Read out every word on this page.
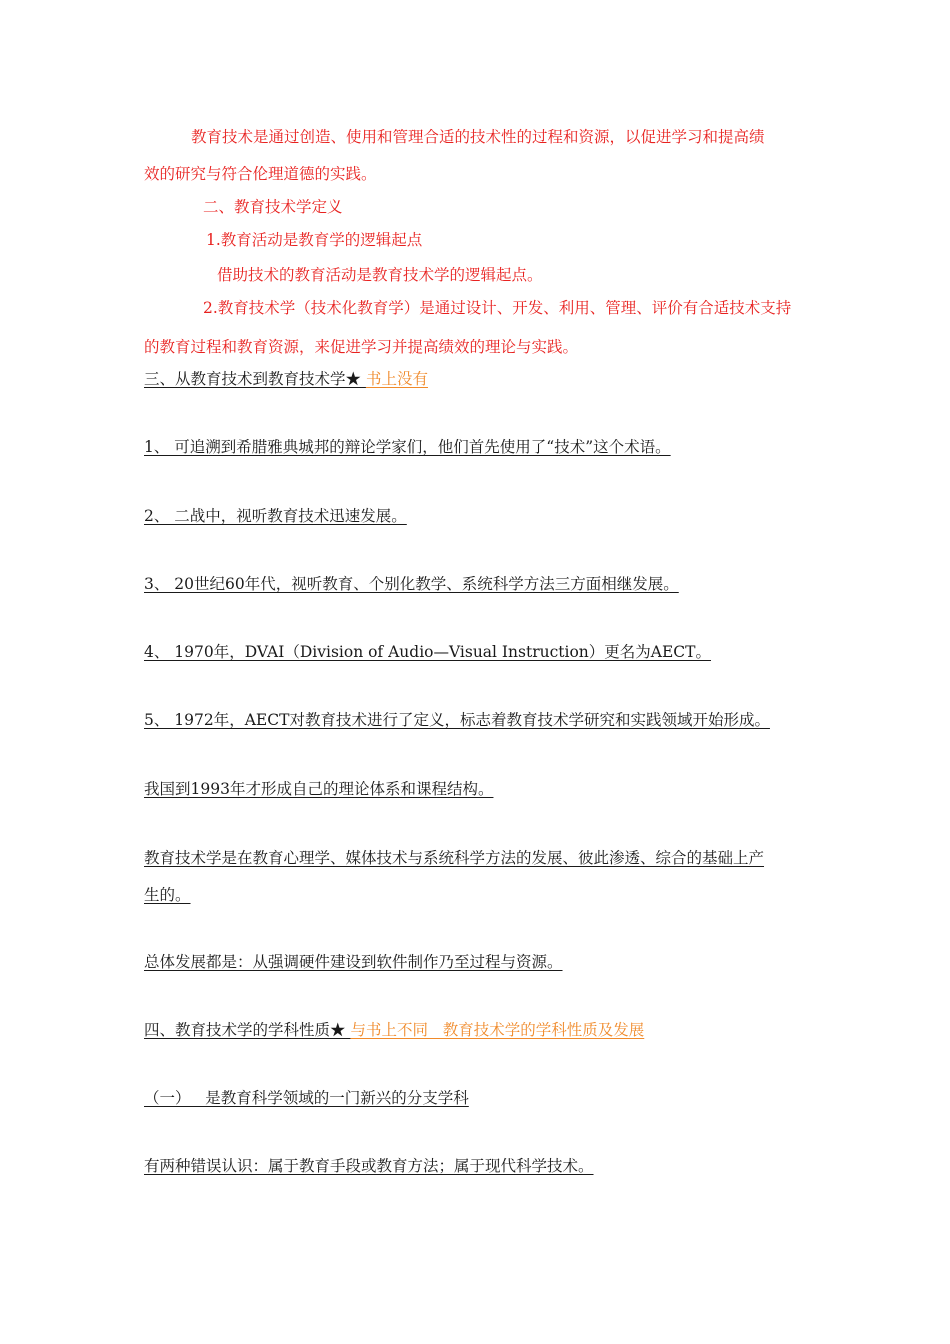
教育技术是通过创造、使用和管理合适的技术性的过程和资源，以促进学习和提高绩
效的研究与符合伦理道德的实践。
二、教育技术学定义
1.教育活动是教育学的逻辑起点
借助技术的教育活动是教育技术学的逻辑起点。
2.教育技术学（技术化教育学）是通过设计、开发、利用、管理、评价有合适技术支持
的教育过程和教育资源，来促进学习并提高绩效的理论与实践。
三、从教育技术到教育技术学★ 书上没有
1、 可追溯到希腊雅典城邦的辩论学家们，他们首先使用了“技术”这个术语。
2、 二战中，视听教育技术迅速发展。
3、 20世纪60年代，视听教育、个别化教学、系统科学方法三方面相继发展。
4、 1970年，DVAI（Division of Audio—Visual Instruction）更名为AECT。
5、 1972年，AECT对教育技术进行了定义，标志着教育技术学研究和实践领域开始形成。
我国到1993年才形成自己的理论体系和课程结构。
教育技术学是在教育心理学、媒体技术与系统科学方法的发展、彼此渗透、综合的基础上产
生的。
总体发展都是：从强调硬件建设到软件制作乃至过程与资源。
四、教育技术学的学科性质★ 与书上不同   教育技术学的学科性质及发展
（一）   是教育科学领域的一门新兴的分支学科
有两种错误认识：属于教育手段或教育方法；属于现代科学技术。
